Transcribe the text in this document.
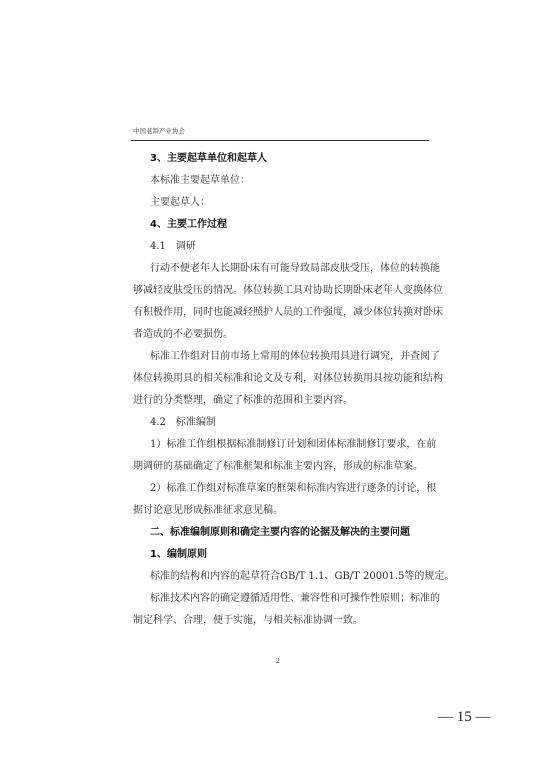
中国老龄产业协会
3、主要起草单位和起草人
本标准主要起草单位：
主要起草人：
4、主要工作过程
4.1　调研
行动不便老年人长期卧床有可能导致局部皮肤受压，体位的转换能
够减轻皮肤受压的情况。体位转换工具对协助长期卧床老年人变换体位
有积极作用，同时也能减轻照护人员的工作强度，减少体位转换对卧床
者造成的不必要损伤。
标准工作组对目前市场上常用的体位转换用具进行调究，并查阅了
体位转换用具的相关标准和论文及专利，对体位转换用具按功能和结构
进行的分类整理，确定了标准的范围和主要内容。
4.2　标准编制
1）标准工作组根据标准制修订计划和团体标准制修订要求，在前
期调研的基础确定了标准框架和标准主要内容，形成的标准草案。
2）标准工作组对标准草案的框架和标准内容进行逐条的讨论，根
据讨论意见形成标准征求意见稿。
二、标准编制原则和确定主要内容的论据及解决的主要问题
1、编制原则
标准的结构和内容的起草符合GB/T 1.1、GB/T 20001.5等的规定。
标准技术内容的确定遵循适用性、兼容性和可操作性原则；标准的
制定科学、合理，便于实施，与相关标准协调一致。
2
— 15 —
